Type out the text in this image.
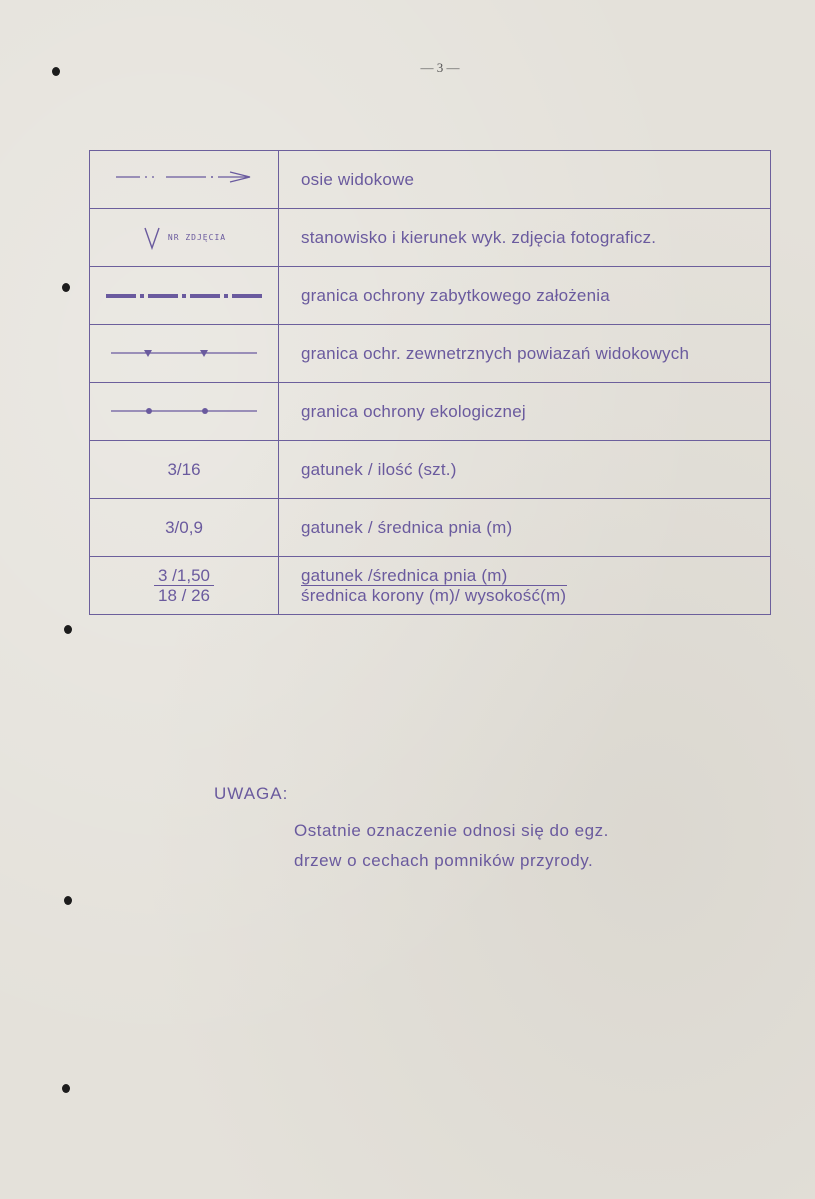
— 3 —
	osie widokowe
NR ZDJĘCIA	stanowisko i kierunek wyk. zdjęcia fotograficz.
	granica ochrony zabytkowego założenia
	granica ochr. zewnetrznych powiazań widokowych
	granica ochrony ekologicznej
3/16	gatunek / ilość (szt.)
3/0,9	gatunek / średnica pnia (m)

$\frac{3 /1,50}{18 / 26}$	$\frac{\text{gatunek /średnica pnia (m)}}{\text{średnica korony (m)/ wysokość(m)}}$
UWAGA:
Ostatnie oznaczenie odnosi się do egz.
drzew o cechach pomników przyrody.
